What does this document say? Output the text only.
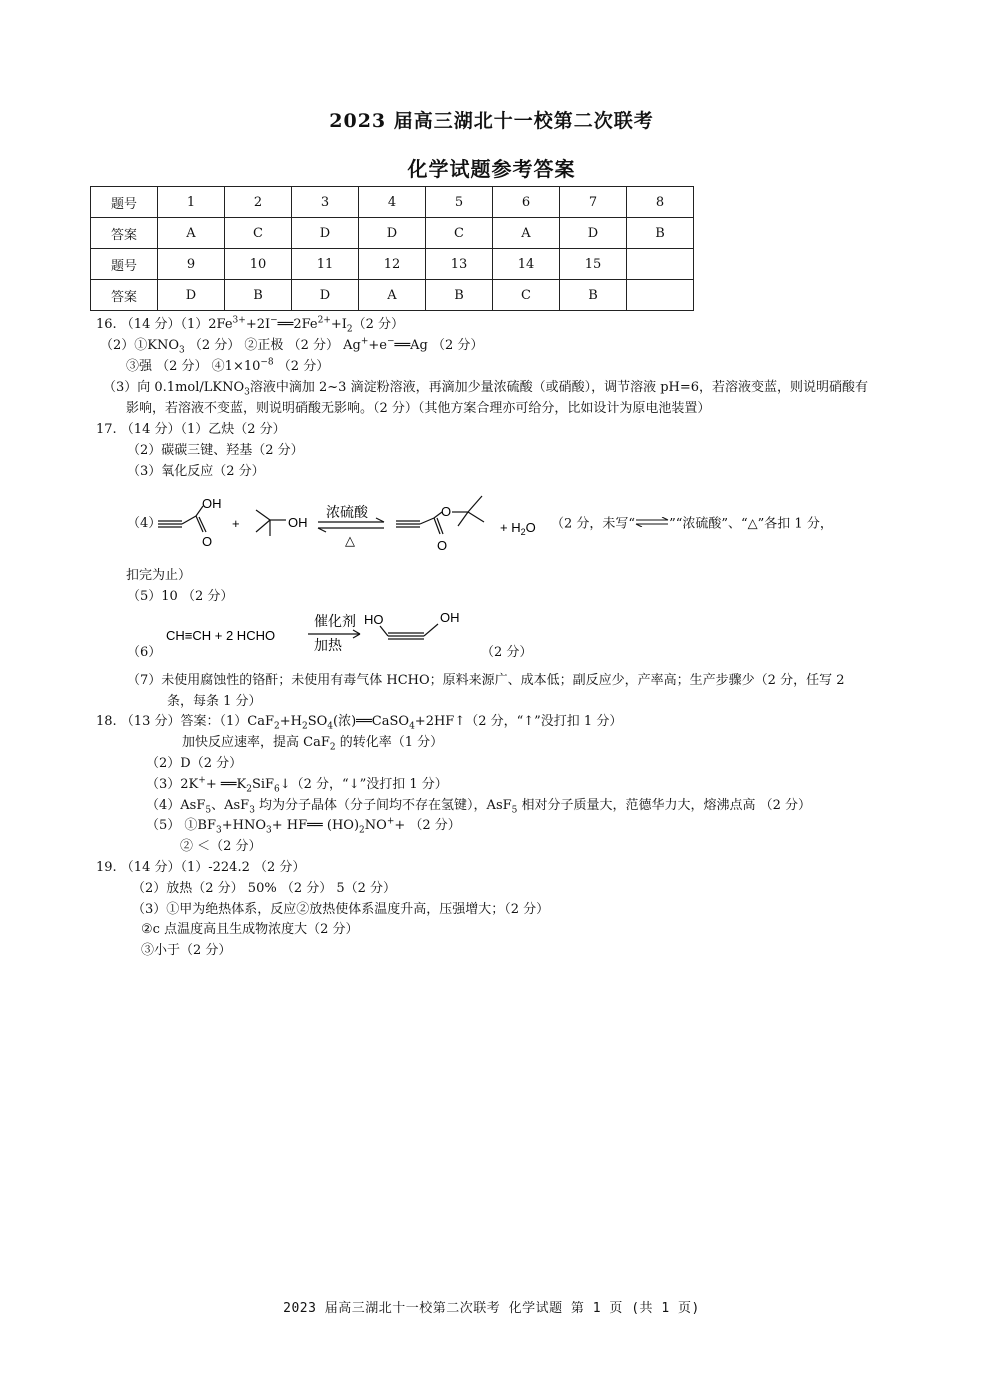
2023 届高三湖北十一校第二次联考
化学试题参考答案
题号	1	2	3	4	5	6	7	8
答案	A	C	D	D	C	A	D	B
题号	9	10	11	12	13	14	15	
答案	D	B	D	A	B	C	B	
16. （14 分）$(1)2Fe^{3+}+2I^-══2Fe^{2+}+I_2(2$ 分）
$(2)①KNO_3$ （2 分） ②正极 （2 分） Ag++e−══Ag （2 分）
③强 （2 分） $④1\times 10^{-8}$ （2 分）
（3）向 $0.1mol/LKNO_3$溶液中滴加 2~3 滴淀粉溶液，再滴加少量浓硫酸（或硝酸），调节溶液 pH=6，若溶液变蓝，则说明硝酸有
影响，若溶液不变蓝，则说明硝酸无影响。（2 分）（其他方案合理亦可给分，比如设计为原电池装置）
17. （14 分）（1）乙炔（2 分）
（2）碳碳三键、羟基（2 分）
（3）氧化反应（2 分）
（4）
OH
O
+	OH
浓硫酸
△
O
O
+ $H_2O$ （2 分，未写“⇌”“浓硫酸”、“△”各扣 1 分，
扣完为止）
（5）10 （2 分）
（6）
CH≡CH + 2 HCHO
催化剂
加热
HO	OH
（2 分）
（7）未使用腐蚀性的铬酐；未使用有毒气体 HCHO；原料来源广、成本低；副反应少，产率高；生产步骤少（2 分，任写 2
条，每条 1 分）
18. （13 分）答案：$(1)CaF_2+H_2SO_4$(浓)══CaSO$_4$+2HF↑（2 分，“↑”没打扣 1 分）
加快反应速率，提高 CaF$_2$ 的转化率（1 分）
（2）D（2 分）
$(3)2K^++ ══K_2SiF_6↓(2$ 分，“↓”没打扣 1 分）
（4）AsF$_5$、AsF$_3$ 均为分子晶体（分子间均不存在氢键），AsF$_5$ 相对分子质量大，范德华力大，熔沸点高 （2 分）
（5） $①BF_3+HNO_3+$ HF══ $(HO)_2NO^++ (2$ 分）
② ＜（2 分）
19. （14 分）（1）-224.2 （2 分）
（2）放热（2 分） 50% （2 分） 5（2 分）
（3）①甲为绝热体系，反应②放热使体系温度升高，压强增大；（2 分）
②c 点温度高且生成物浓度大（2 分）
③小于（2 分）
2023 届高三湖北十一校第二次联考 化学试题 第 1 页 (共 1 页)
